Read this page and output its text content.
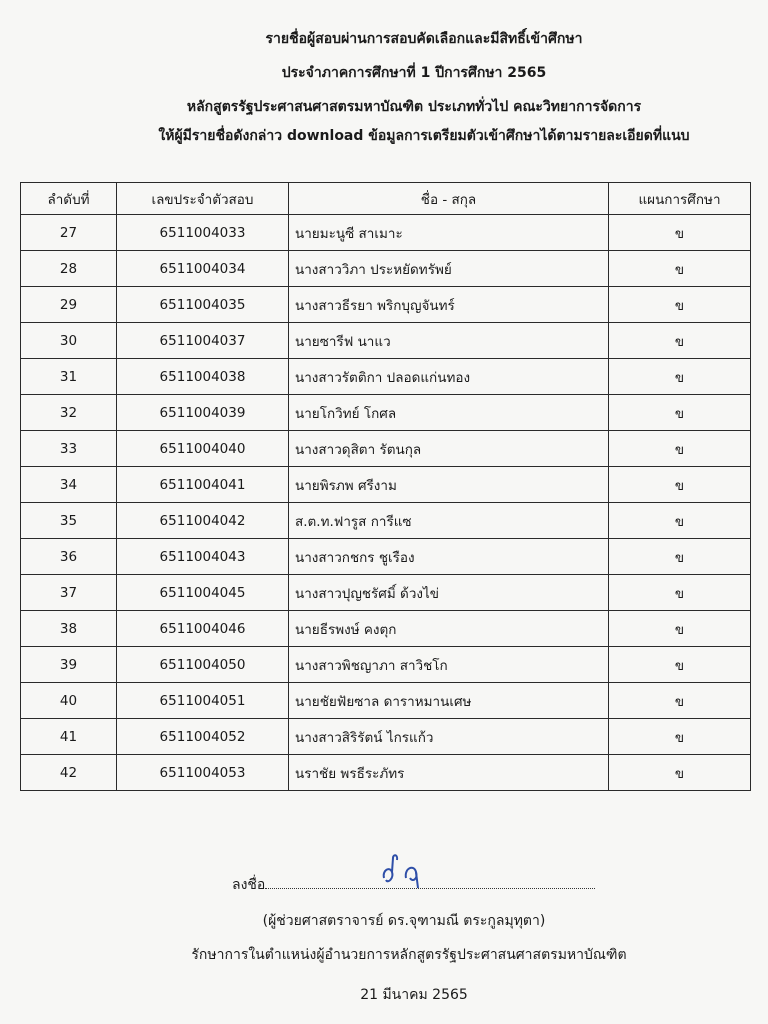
รายชื่อผู้สอบผ่านการสอบคัดเลือกและมีสิทธิ์เข้าศึกษา
ประจำภาคการศึกษาที่ 1 ปีการศึกษา 2565
หลักสูตรรัฐประศาสนศาสตรมหาบัณฑิต ประเภททั่วไป คณะวิทยาการจัดการ
ให้ผู้มีรายชื่อดังกล่าว download ข้อมูลการเตรียมตัวเข้าศึกษาได้ตามรายละเอียดที่แนบ
ลำดับที่	เลขประจำตัวสอบ	ชื่อ - สกุล	แผนการศึกษา
27	6511004033	นายมะนูซี สาเมาะ	ข
28	6511004034	นางสาววิภา ประหยัดทรัพย์	ข
29	6511004035	นางสาวธีรยา พริกบุญจันทร์	ข
30	6511004037	นายซารีฟ นาแว	ข
31	6511004038	นางสาวรัตติกา ปลอดแก่นทอง	ข
32	6511004039	นายโกวิทย์ โกศล	ข
33	6511004040	นางสาวดุสิตา รัตนกุล	ข
34	6511004041	นายพิรภพ ศรีงาม	ข
35	6511004042	ส.ต.ท.ฟารูส การีแซ	ข
36	6511004043	นางสาวกชกร ชูเรือง	ข
37	6511004045	นางสาวปุญชรัศมิ์ ด้วงไข่	ข
38	6511004046	นายธีรพงษ์ คงตุก	ข
39	6511004050	นางสาวพิชญาภา สาวิชโก	ข
40	6511004051	นายชัยฟัยซาล ดาราหมานเศษ	ข
41	6511004052	นางสาวสิริรัตน์ ไกรแก้ว	ข
42	6511004053	นราชัย พรธีระภัทร	ข
ลงชื่อ
(ผู้ช่วยศาสตราจารย์ ดร.จุฑามณี ตระกูลมุทุตา)
รักษาการในตำแหน่งผู้อำนวยการหลักสูตรรัฐประศาสนศาสตรมหาบัณฑิต
21 มีนาคม 2565
